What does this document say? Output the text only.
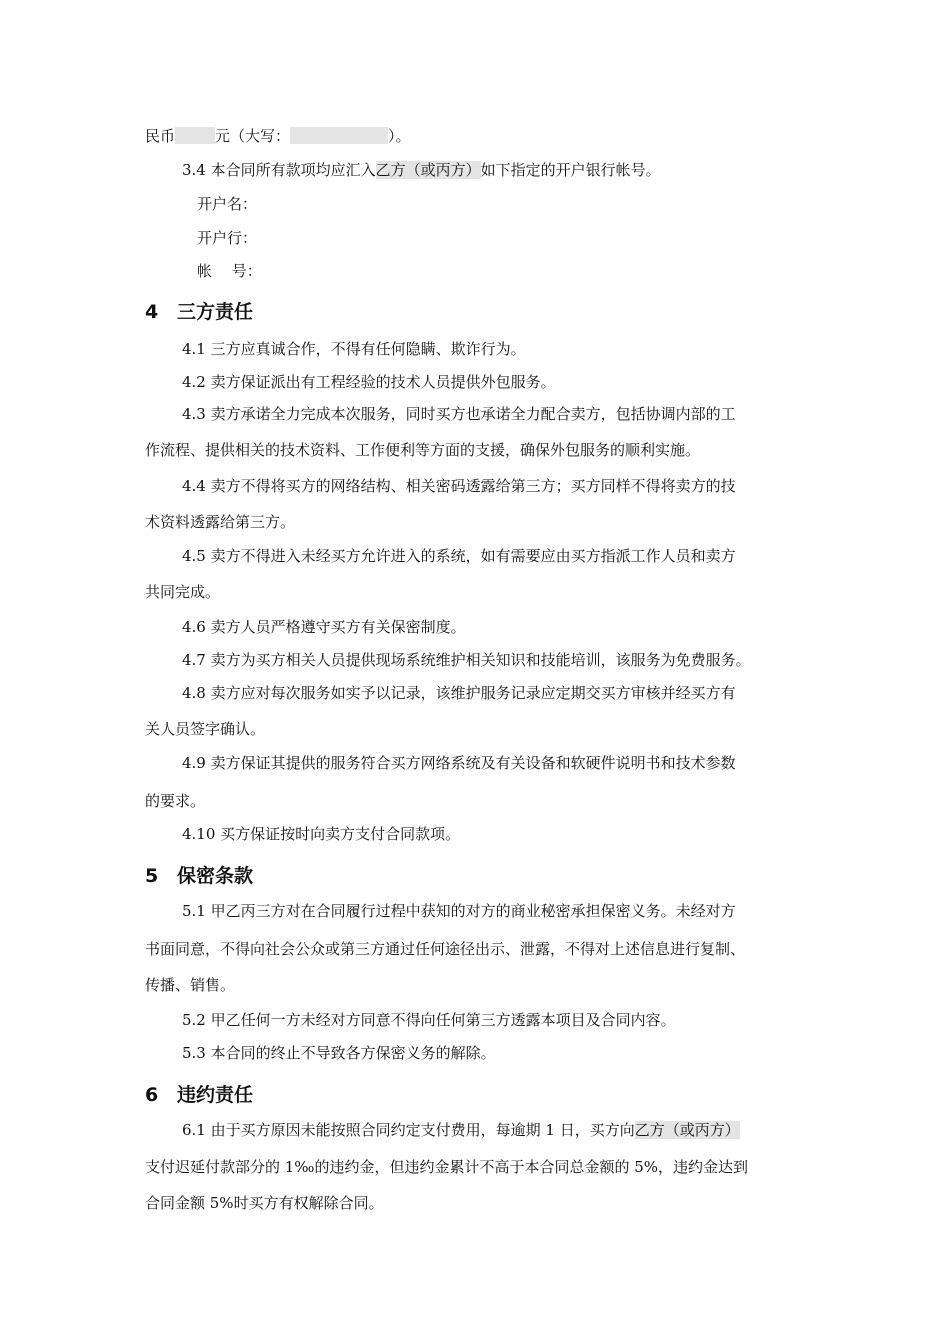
民币	元（大写：	）。
3.4 本合同所有款项均应汇入乙方（或丙方）如下指定的开户银行帐号。
开户名：
开户行：
帐　 号：
4 三方责任
4.1 三方应真诚合作，不得有任何隐瞒、欺诈行为。
4.2 卖方保证派出有工程经验的技术人员提供外包服务。
4.3 卖方承诺全力完成本次服务，同时买方也承诺全力配合卖方，包括协调内部的工
作流程、提供相关的技术资料、工作便利等方面的支援，确保外包服务的顺利实施。
4.4 卖方不得将买方的网络结构、相关密码透露给第三方；买方同样不得将卖方的技
术资料透露给第三方。
4.5 卖方不得进入未经买方允许进入的系统，如有需要应由买方指派工作人员和卖方
共同完成。
4.6 卖方人员严格遵守买方有关保密制度。
4.7 卖方为买方相关人员提供现场系统维护相关知识和技能培训，该服务为免费服务。
4.8 卖方应对每次服务如实予以记录，该维护服务记录应定期交买方审核并经买方有
关人员签字确认。
4.9 卖方保证其提供的服务符合买方网络系统及有关设备和软硬件说明书和技术参数
的要求。
4.10 买方保证按时向卖方支付合同款项。
5 保密条款
5.1 甲乙丙三方对在合同履行过程中获知的对方的商业秘密承担保密义务。未经对方
书面同意，不得向社会公众或第三方通过任何途径出示、泄露，不得对上述信息进行复制、
传播、销售。
5.2 甲乙任何一方未经对方同意不得向任何第三方透露本项目及合同内容。
5.3 本合同的终止不导致各方保密义务的解除。
6 违约责任
6.1 由于买方原因未能按照合同约定支付费用，每逾期 1 日，买方向乙方（或丙方）
支付迟延付款部分的 1‰的违约金，但违约金累计不高于本合同总金额的 5%，违约金达到
合同金额 5%时买方有权解除合同。
